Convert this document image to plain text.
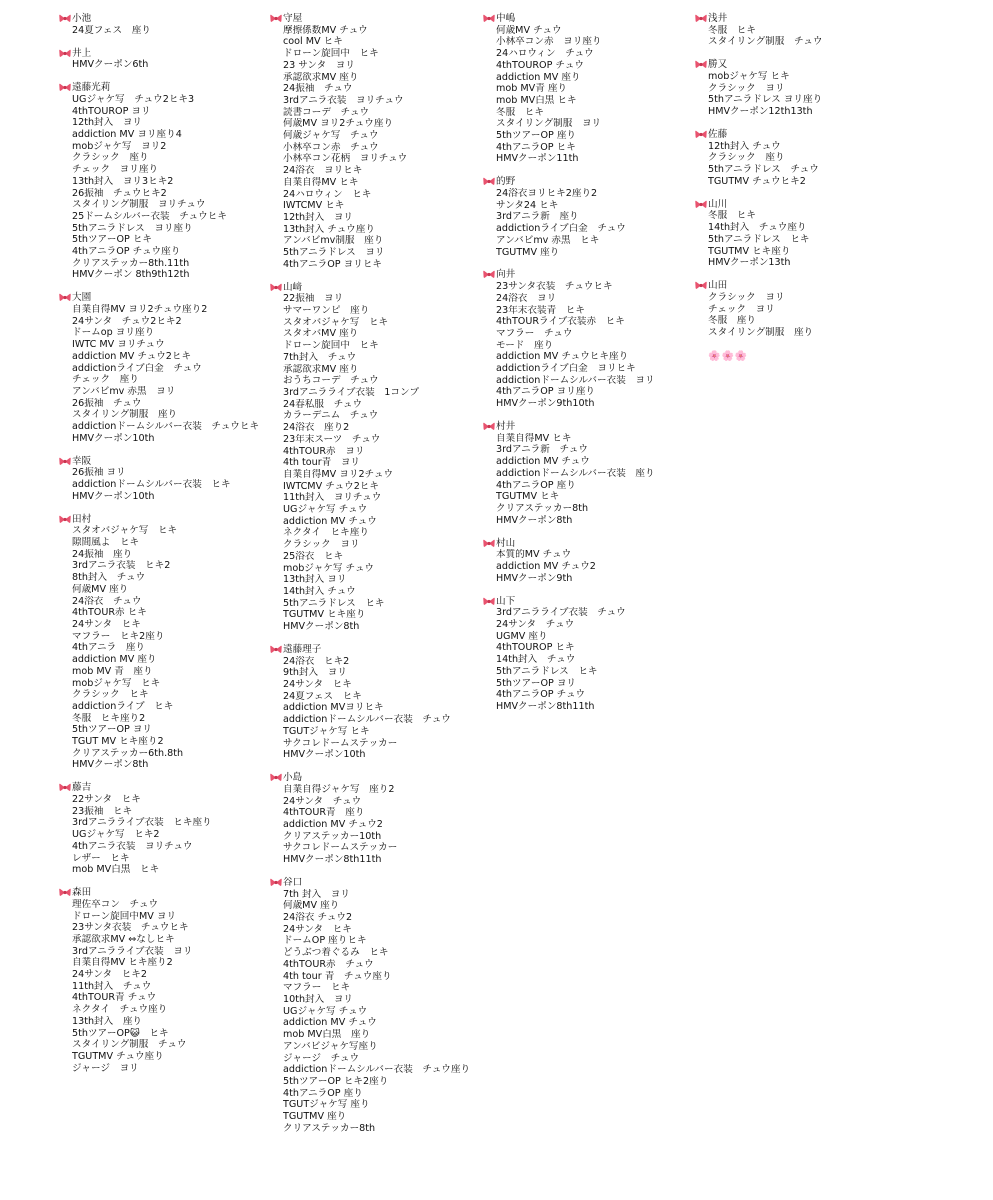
小池
24夏フェス　座り
井上
HMVクーポン6th
遠藤光莉
UGジャケ写　チュウ2ヒキ3
4thTOUROP ヨリ
12th封入　ヨリ
addiction MV ヨリ座り4
mobジャケ写　ヨリ2
クラシック　座り
チェック　ヨリ座り
13th封入　ヨリ3ヒキ2
26振袖　チュウヒキ2
スタイリング制服　ヨリチュウ
25ドームシルバー衣装　チュウヒキ
5thアニラドレス　ヨリ座り
5thツアーOP ヒキ
4thアニラOP チュウ座り
クリアステッカー8th.11th
HMVクーポン 8th9th12th
大園
自業自得MV ヨリ2チュウ座り2
24サンタ　チュウ2ヒキ2
ドームop ヨリ座り
IWTC MV ヨリチュウ
addiction MV チュウ2ヒキ
addictionライブ白金　チュウ
チェック　座り
アンバビmv 赤黒　ヨリ
26振袖　チュウ
スタイリング制服　座り
addictionドームシルバー衣装　チュウヒキ
HMVクーポン10th
幸阪
26振袖 ヨリ
addictionドームシルバー衣装　ヒキ
HMVクーポン10th
田村
スタオバジャケ写　ヒキ
隙間風よ　ヒキ
24振袖　座り
3rdアニラ衣装　ヒキ2
8th封入　チュウ
何歳MV 座り
24浴衣　チュウ
4thTOUR赤 ヒキ
24サンタ　ヒキ
マフラー　ヒキ2座り
4thアニラ　座り
addiction MV 座り
mob MV 青　座り
mobジャケ写　ヒキ
クラシック　ヒキ
addictionライブ　ヒキ
冬服　ヒキ座り2
5thツアーOP ヨリ
TGUT MV ヒキ座り2
クリアステッカー6th.8th
HMVクーポン8th
藤吉
22サンタ　ヒキ
23振袖　ヒキ
3rdアニラライブ衣装　ヒキ座り
UGジャケ写　ヒキ2
4thアニラ衣装　ヨリチュウ
レザー　ヒキ
mob MV白黒　ヒキ
森田
理佐卒コン　チュウ
ドローン旋回中MV ヨリ
23サンタ衣装　チュウヒキ
承認欲求MV ⇔なしヒキ
3rdアニラライブ衣装　ヨリ
自業自得MV ヒキ座り2
24サンタ　ヒキ2
11th封入　チュウ
4thTOUR青 チュウ
ネクタイ　チュウ座り
13th封入　座り
5thツアーOP😺　ヒキ
スタイリング制服　チュウ
TGUTMV チュウ座り
ジャージ　ヨリ
守屋
摩擦係数MV チュウ
cool MV ヒキ
ドローン旋回中　ヒキ
23 サンタ　ヨリ
承認欲求MV 座り
24振袖　チュウ
3rdアニラ衣装　ヨリチュウ
読書コーデ　チュウ
何歳MV ヨリ2チュウ座り
何歳ジャケ写　チュウ
小林卒コン赤　チュウ
小林卒コン花柄　ヨリチュウ
24浴衣　ヨリヒキ
自業自得MV ヒキ
24ハロウィン　ヒキ
IWTCMV ヒキ
12th封入　ヨリ
13th封入 チュウ座り
アンバビmv制服　座り
5thアニラドレス　ヨリ
4thアニラOP ヨリヒキ
山﨑
22振袖　ヨリ
サマーワンピ　座り
スタオバジャケ写　ヒキ
スタオバMV 座り
ドローン旋回中　ヒキ
7th封入　チュウ
承認欲求MV 座り
おうちコーデ　チュウ
3rdアニラライブ衣装　1コンプ
24春私服　チュウ
カラーデニム　チュウ
24浴衣　座り2
23年末スーツ　チュウ
4thTOUR赤　ヨリ
4th tour青　ヨリ
自業自得MV ヨリ2チュウ
IWTCMV チュウ2ヒキ
11th封入　ヨリチュウ
UGジャケ写 チュウ
addiction MV チュウ
ネクタイ　ヒキ座り
クラシック　ヨリ
25浴衣　ヒキ
mobジャケ写 チュウ
13th封入 ヨリ
14th封入 チュウ
5thアニラドレス　ヒキ
TGUTMV ヒキ座り
HMVクーポン8th
遠藤理子
24浴衣　ヒキ2
9th封入　ヨリ
24サンタ　ヒキ
24夏フェス　ヒキ
addiction MVヨリヒキ
addictionドームシルバー衣装　チュウ
TGUTジャケ写 ヒキ
サクコレドームステッカー
HMVクーポン10th
小島
自業自得ジャケ写　座り2
24サンタ　チュウ
4thTOUR青　座り
addiction MV チュウ2
クリアステッカー10th
サクコレドームステッカー
HMVクーポン8th11th
谷口
7th 封入　ヨリ
何歳MV 座り
24浴衣 チュウ2
24サンタ　ヒキ
ドームOP 座りヒキ
どうぶつ着ぐるみ　ヒキ
4thTOUR赤　チュウ
4th tour 青　チュウ座り
マフラー　ヒキ
10th封入　ヨリ
UGジャケ写 チュウ
addiction MV チュウ
mob MV白黒　座り
アンバビジャケ写座り
ジャージ　チュウ
addictionドームシルバー衣装　チュウ座り
5thツアーOP ヒキ2座り
4thアニラOP 座り
TGUTジャケ写 座り
TGUTMV 座り
クリアステッカー8th
中嶋
何歳MV チュウ
小林卒コン赤　ヨリ座り
24ハロウィン　チュウ
4thTOUROP チュウ
addiction MV 座り
mob MV青 座り
mob MV白黒 ヒキ
冬服　ヒキ
スタイリング制服　ヨリ
5thツアーOP 座り
4thアニラOP ヒキ
HMVクーポン11th
的野
24浴衣ヨリヒキ2座り2
サンタ24 ヒキ
3rdアニラ新　座り
addictionライブ白金　チュウ
アンバビmv 赤黒　ヒキ
TGUTMV 座り
向井
23サンタ衣装　チュウヒキ
24浴衣　ヨリ
23年末衣装青　ヒキ
4thTOURライブ衣装赤　ヒキ
マフラー　チュウ
モード　座り
addiction MV チュウヒキ座り
addictionライブ白金　ヨリヒキ
addictionドームシルバー衣装　ヨリ
4thアニラOP ヨリ座り
HMVクーポン9th10th
村井
自業自得MV ヒキ
3rdアニラ新　チュウ
addiction MV チュウ
addictionドームシルバー衣装　座り
4thアニラOP 座り
TGUTMV ヒキ
クリアステッカー8th
HMVクーポン8th
村山
本質的MV チュウ
addiction MV チュウ2
HMVクーポン9th
山下
3rdアニラライブ衣装　チュウ
24サンタ　チュウ
UGMV 座り
4thTOUROP ヒキ
14th封入　チュウ
5thアニラドレス　ヒキ
5thツアーOP ヨリ
4thアニラOP チュウ
HMVクーポン8th11th
浅井
冬服　ヒキ
スタイリング制服　チュウ
勝又
mobジャケ写 ヒキ
クラシック　ヨリ
5thアニラドレス ヨリ座り
HMVクーポン12th13th
佐藤
12th封入 チュウ
クラシック　座り
5thアニラドレス　チュウ
TGUTMV チュウヒキ2
山川
冬服　ヒキ
14th封入　チュウ座り
5thアニラドレス　ヒキ
TGUTMV ヒキ座り
HMVクーポン13th
山田
クラシック　ヨリ
チェック　ヨリ
冬服　座り
スタイリング制服　座り
🌸🌸🌸
